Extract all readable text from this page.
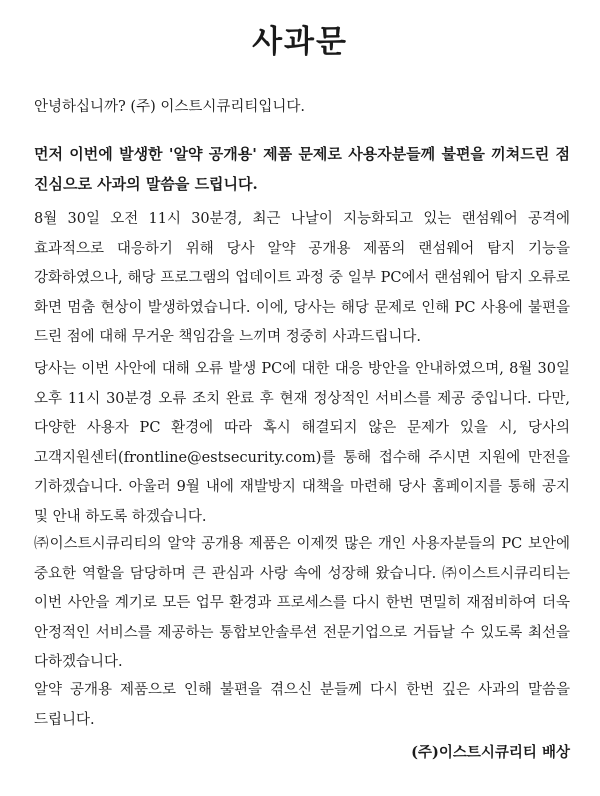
사과문

안녕하십니까? (주) 이스트시큐리티입니다.

먼저 이번에 발생한 '알약 공개용' 제품 문제로 사용자분들께 불편을 끼쳐드린 점 진심으로 사과의 말씀을 드립니다.

8월 30일 오전 11시 30분경, 최근 나날이 지능화되고 있는 랜섬웨어 공격에 효과적으로 대응하기 위해 당사 알약 공개용 제품의 랜섬웨어 탐지 기능을 강화하였으나, 해당 프로그램의 업데이트 과정 중 일부 PC에서 랜섬웨어 탐지 오류로 화면 멈춤 현상이 발생하였습니다. 이에, 당사는 해당 문제로 인해 PC 사용에 불편을 드린 점에 대해 무거운 책임감을 느끼며 정중히 사과드립니다.

당사는 이번 사안에 대해 오류 발생 PC에 대한 대응 방안을 안내하였으며, 8월 30일 오후 11시 30분경 오류 조치 완료 후 현재 정상적인 서비스를 제공 중입니다. 다만, 다양한 사용자 PC 환경에 따라 혹시 해결되지 않은 문제가 있을 시, 당사의 고객지원센터(frontline@estsecurity.com)를 통해 접수해 주시면 지원에 만전을 기하겠습니다. 아울러 9월 내에 재발방지 대책을 마련해 당사 홈페이지를 통해 공지 및 안내 하도록 하겠습니다.

㈜이스트시큐리티의 알약 공개용 제품은 이제껏 많은 개인 사용자분들의 PC 보안에 중요한 역할을 담당하며 큰 관심과 사랑 속에 성장해 왔습니다. ㈜이스트시큐리티는 이번 사안을 계기로 모든 업무 환경과 프로세스를 다시 한번 면밀히 재점비하여 더욱 안정적인 서비스를 제공하는 통합보안솔루션 전문기업으로 거듭날 수 있도록 최선을 다하겠습니다.

알약 공개용 제품으로 인해 불편을 겪으신 분들께 다시 한번 깊은 사과의 말씀을 드립니다.

(주)이스트시큐리티 배상
